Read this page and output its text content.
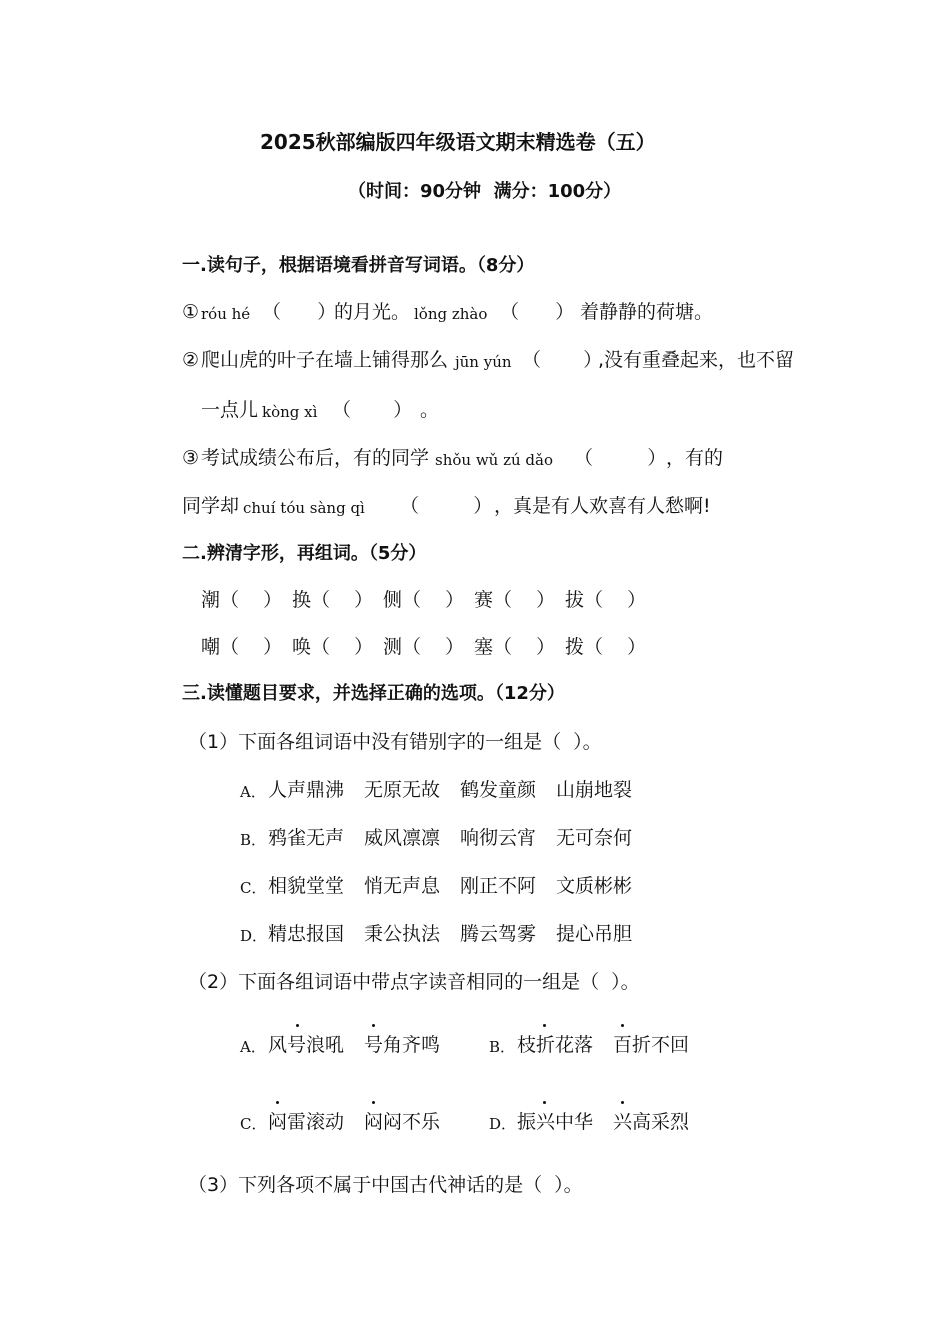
2025秋部编版四年级语文期末精选卷（五）
（时间：90分钟  满分：100分）
一.读句子，根据语境看拼音写词语。（8分）
① róu hé （      ）
的月光。 lǒng zhào （      ） 着静静的荷塘。
② 爬山虎的叶子在墙上铺得那么 jūn yún （       ）
,没有重叠起来，也不留
一点儿 kòng xì （       ） 。
③ 考试成绩公布后，有的同学 shǒu wǔ zú dǎo （         ） ，有的
同学却 chuí tóu sàng qì （         ） ，真是有人欢喜有人愁啊!
二.辨清字形，再组词。（5分）
潮（    ） 换（    ） 侧（    ） 赛（    ） 拔（    ）
嘲（    ） 唤（    ） 测（    ） 塞（    ） 拨（    ）
三.读懂题目要求，并选择正确的选项。（12分）
（1）下面各组词语中没有错别字的一组是（  ）。
A． 人声鼎沸 无原无故 鹤发童颜 山崩地裂
B． 鸦雀无声 威风凛凛 响彻云宵 无可奈何
C． 相貌堂堂 悄无声息 刚正不阿 文质彬彬
D． 精忠报国 秉公执法 腾云驾雾 提心吊胆
（2）下面各组词语中带点字读音相同的一组是（  ）。
A． 风号浪吼 号角齐鸣	B． 枝折花落 百折不回
C． 闷雷滚动 闷闷不乐	D． 振兴中华 兴高采烈
（3）下列各项不属于中国古代神话的是（  ）。
